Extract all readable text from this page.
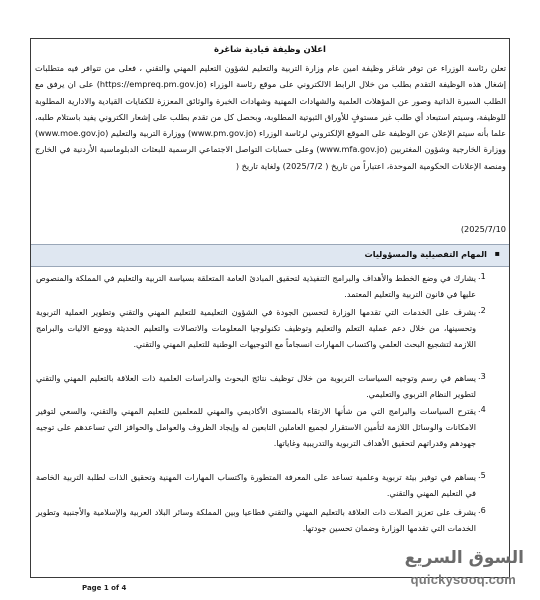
اعلان وظيفة قيادية شاغرة
تعلن رئاسة الوزراء عن توفر شاغر وظيفة امين عام وزارة التربية والتعليم لشؤون التعليم المهني والتقني ، فعلى من تتوافر فيه متطلبات إشغال هذه الوظيفة التقدم بطلب من خلال الرابط الالكتروني على موقع رئاسة الوزراء (https://empreq.pm.gov.jo) على ان يرفق مع الطلب السيرة الذاتية وصور عن المؤهلات العلمية والشهادات المهنية وشهادات الخبرة والوثائق المعززة للكفايات القيادية والادارية المطلوبة للوظيفة، وسيتم استبعاد أي طلب غير مستوفٍ للأوراق الثبوتية المطلوبة، وبحصل كل من تقدم بطلب على إشعار الكتروني يفيد باستلام طلبه، علما بأنه سيتم الإعلان عن الوظيفة على الموقع الإلكتروني لرئاسة الوزراء (www.pm.gov.jo) ووزارة التربية والتعليم (www.moe.gov.jo) ووزارة الخارجية وشؤون المغتربين (www.mfa.gov.jo) وعلى حسابات التواصل الاجتماعي الرسمية للبعثات الدبلوماسية الأردنية في الخارج ومنصة الإعلانات الحكومية الموحدة، اعتباراً من تاريخ ( 2025/7/2) ولغاية تاريخ (
(2025/7/10
▪
المهام التفصيلية والمسؤوليات
يشارك في وضع الخطط والأهداف والبرامج التنفيذية لتحقيق المبادئ العامة المتعلقة بسياسة التربية والتعليم في المملكة والمنصوص عليها في قانون التربية والتعليم المعتمد.
.1
يشرف على الخدمات التي تقدمها الوزارة لتحسين الجودة في الشؤون التعليمية للتعليم المهني والتقني وتطوير العملية التربوية وتحسينها، من خلال دعم عملية التعلم والتعليم وتوظيف تكنولوجيا المعلومات والاتصالات والتعليم الحديثة ووضع الاليات والبرامج اللازمة لتشجيع البحث العلمي واكتساب المهارات انسجاماً مع التوجيهات الوطنية للتعليم المهني والتقني.
.2
يساهم في رسم وتوجيه السياسات التربوية من خلال توظيف نتائج البحوث والدراسات العلمية ذات العلاقة بالتعليم المهني والتقني لتطوير النظام التربوي والتعليمي.
.3
يقترح السياسات والبرامج التي من شأنها الارتقاء بالمستوى الأكاديمي والمهني للمعلمين للتعليم المهني والتقني، والسعي لتوفير الامكانات والوسائل اللازمة لتأمين الاستقرار لجميع العاملين التابعين له وإيجاد الظروف والعوامل والحوافز التي تساعدهم على توجيه جهودهم وقدراتهم لتحقيق الأهداف التربوية والتدريبية وغاياتها.
.4
يساهم في توفير بيئة تربوية وعلمية تساعد على المعرفة المتطورة واكتساب المهارات المهنية وتحقيق الذات لطلبة التربية الخاصة في التعليم المهني والتقني.
.5
يشرف على تعزيز الصلات ذات العلاقة بالتعليم المهني والتقني قطاعيا وبين المملكة وسائر البلاد العربية والإسلامية والأجنبية وتطوير الخدمات التي تقدمها الوزارة وضمان تحسين جودتها.
.6
Page 1 of 4
السوق السريع
quickysooq.com
